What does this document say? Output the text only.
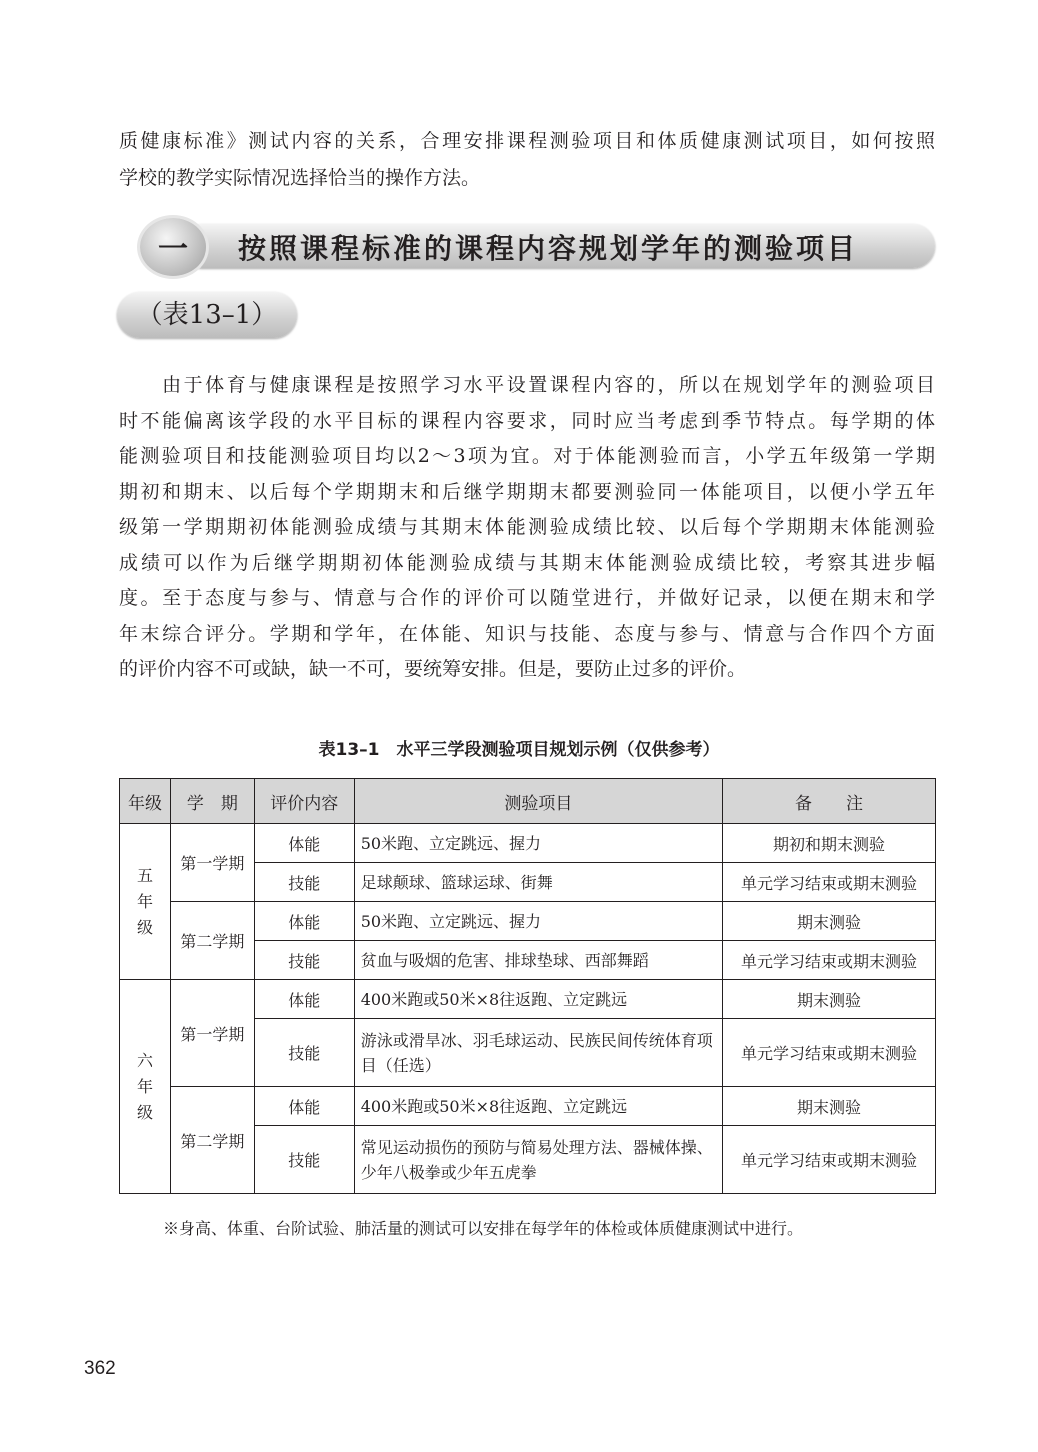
质健康标准》测试内容的关系，合理安排课程测验项目和体质健康测试项目，如何按照
学校的教学实际情况选择恰当的操作方法。
一	按照课程标准的课程内容规划学年的测验项目
（表13–1）
　　由于体育与健康课程是按照学习水平设置课程内容的，所以在规划学年的测验项目
时不能偏离该学段的水平目标的课程内容要求，同时应当考虑到季节特点。每学期的体
能测验项目和技能测验项目均以2～3项为宜。对于体能测验而言，小学五年级第一学期
期初和期末、以后每个学期期末和后继学期期末都要测验同一体能项目，以便小学五年
级第一学期期初体能测验成绩与其期末体能测验成绩比较、以后每个学期期末体能测验
成绩可以作为后继学期期初体能测验成绩与其期末体能测验成绩比较，考察其进步幅
度。至于态度与参与、情意与合作的评价可以随堂进行，并做好记录，以便在期末和学
年末综合评分。学期和学年，在体能、知识与技能、态度与参与、情意与合作四个方面
的评价内容不可或缺，缺一不可，要统筹安排。但是，要防止过多的评价。
表13–1　水平三学段测验项目规划示例（仅供参考）
年级	学　期	评价内容	测验项目	备　　注
五
年
级	第一学期	体能	50米跑、立定跳远、握力	期初和期末测验
		技能	足球颠球、篮球运球、街舞	单元学习结束或期末测验
	第二学期	体能	50米跑、立定跳远、握力	期末测验
		技能	贫血与吸烟的危害、排球垫球、西部舞蹈	单元学习结束或期末测验
六
年
级	第一学期	体能	400米跑或50米×8往返跑、立定跳远	期末测验
		技能	游泳或滑旱冰、羽毛球运动、民族民间传统体育项目（任选）	单元学习结束或期末测验
	第二学期	体能	400米跑或50米×8往返跑、立定跳远	期末测验
		技能	常见运动损伤的预防与简易处理方法、器械体操、少年八极拳或少年五虎拳	单元学习结束或期末测验
※身高、体重、台阶试验、肺活量的测试可以安排在每学年的体检或体质健康测试中进行。
362
